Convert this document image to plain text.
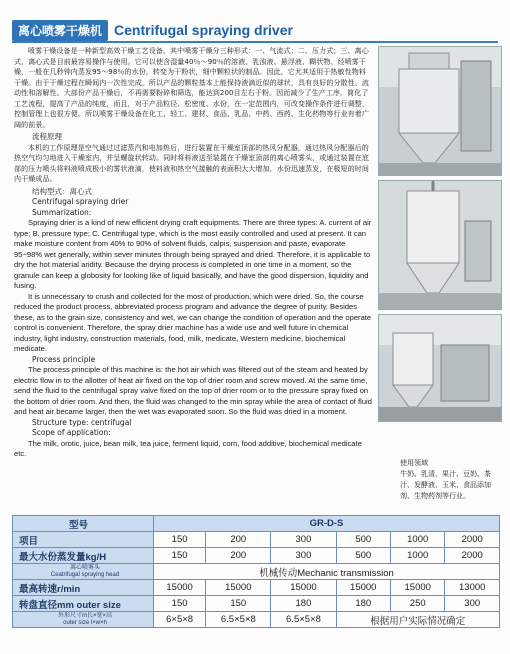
离心喷雾干燥机 Centrifugal spraying driver

喷雾干燥设备是一种新型高效干燥工艺设备。其中喷雾干燥分三种形式：一、气流式；二、压力式；三、离心式，离心式是目前最容易操作与使用。它可以使含湿量40％～90％的溶液、乳浊液、悬浮液、糊状物、经喷雾干燥，一般在几秒钟内蒸发95～98％的水份，转变为干粉状，细中颗粒状的制品。因此，它尤其适用于热敏性物料干燥。由于干燥过程在瞬间内一次性完成，所以产品的颗粒基本上能保持液滴近似的球状，具有良好的分散性、流动性和溶解性。大部份产品干燥后，不再需要粉碎和筛选，能达到200目左右干粉。因而减少了生产工序，简化了工艺流程，提高了产品的纯度，而且，对于产品粒径、松密度、水份，在一定范围内，可改变操作条件进行调整，控制管理上也很方便。所以喷雾干燥设备在化工、轻工、建材、食品、乳品、中药、西药、生化药物等行业有着广阔的前景。

流程原理

本机的工作原理是空气通过过滤蒸汽和电加热后，进行装置在干燥室顶部的热风分配器，通过热风分配器后的热空气均匀地进入干燥室内，并呈螺旋状转动。同时将料液送至装置在干燥室顶部的离心喷雾头，或通过装置在底部的压力喷头将料液喷成极小的雾状液滴，使料液和热空气接触的表面积大大增加，水份迅速蒸发，在极短的时间内干燥成品。

结构型式：离心式
Centrifugal spraying drier
Summarization:

Spraying drier is a kind of new efficient drying craft equipments. There are three types: A. current of air type; B. pressure type; C. Centrifugal type, which is the most easily controlled and used at present. It can make moisture content from 40% to 90% of solvent fluids, calpis, suspension and paste, evaporate 95~98% wet generally, within sever minutes through being sprayed and dried. Therefore, it is applicable to dry the hot material aridity. Because the drying process is completed in one time in a moment, so the granule can keep a globosity for looking like of liquid basically, and have the good dispersion, liquidity and fusing.

It is unnecessary to crush and collected for the most of production, which were dried. So, the course reduced the product process, abbreviated process program and advance the degree of purity. Besides these, as to the grain size, consistency and wet, we can change the condition of operation and the operate control is convenient. Therefore, the spray drier machine has a wide use and well future in chemical industry, light industry, construction materials, food, milk, medicate, Western medicine, biochemical medicate.

Process principle

The process principle of this machine is: the hot air which was filtered out of the steam and heated by electric flow in to the allotter of heat air fixed on the top of drier room and screw moved. At the same time, send the fluid to the centrifugal spray valve fixed on the top of drier room or to the pressure spray fixed on the bottom of drier room. And then, the fluid was changed to the min spray while the area of contact of fluid and heat air became larger, then the wet was evaporated soon. So the fluid was dried in a moment.

Structure type: centrifugal
Scope of application:

The milk, orotic, juice, bean milk, tea juice, ferment liquid, corn, food additive, biochemical medicate etc.

使用领域
牛奶、乳清、果汁、豆奶、茶汁、发酵液、玉米、食品添加剂、生物药剂等行业。
型号	GR-D-S					
项目	150	200	300	500	1000	2000
最大水份蒸发量kg/H	150	200	300	500	1000	2000

离心喷雾头
Ceatrifugal spraying head	机械传动Mechanic transmission					
最高转速r/min	15000	15000	15000	15000	15000	13000
转盘直径mm outer size	150	150	180	180	250	300

外形尺寸m长×宽×高
outer size l×w×h	6×5×8	6.5×5×8	6.5×5×8	根据用户实际情况确定		
